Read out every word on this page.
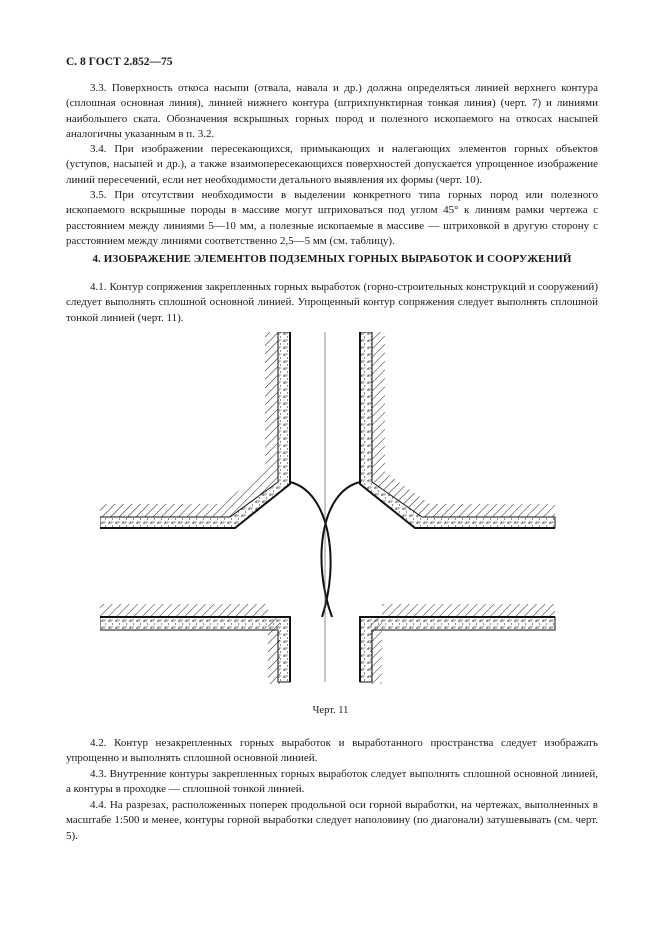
С. 8 ГОСТ 2.852—75

3.3. Поверхность откоса насыпи (отвала, навала и др.) должна определяться линией верхнего контура (сплошная основная линия), линией нижнего контура (штрихпунктирная тонкая линия) (черт. 7) и линиями наибольшего ската. Обозначения вскрышных горных пород и полезного ископаемого на откосах насыпей аналогичны указанным в п. 3.2.

3.4. При изображении пересекающихся, примыкающих и налегающих элементов горных объектов (уступов, насыпей и др.), а также взаимопересекающихся поверхностей допускается упрощенное изображение линий пересечений, если нет необходимости детального выявления их формы (черт. 10).

3.5. При отсутствии необходимости в выделении конкретного типа горных пород или полезного ископаемого вскрышные породы в массиве могут штриховаться под углом 45° к линиям рамки чертежа с расстоянием между линиями 5—10 мм, а полезные ископаемые в массиве — штриховкой в другую сторону с расстоянием между линиями соответственно 2,5—5 мм (см. таблицу).

4. ИЗОБРАЖЕНИЕ ЭЛЕМЕНТОВ ПОДЗЕМНЫХ ГОРНЫХ ВЫРАБОТОК И СООРУЖЕНИЙ

4.1. Контур сопряжения закрепленных горных выработок (горно-строительных конструкций и сооружений) следует выполнять сплошной основной линией. Упрощенный контур сопряжения следует выполнять сплошной тонкой линией (черт. 11).

Черт. 11

4.2. Контур незакрепленных горных выработок и выработанного пространства следует изображать упрощенно и выполнять сплошной основной линией.

4.3. Внутренние контуры закрепленных горных выработок следует выполнять сплошной основной линией, а контуры в проходке — сплошной тонкой линией.

4.4. На разрезах, расположенных поперек продольной оси горной выработки, на чертежах, выполненных в масштабе 1:500 и менее, контуры горной выработки следует наполовину (по диагонали) затушевывать (см. черт. 5).
